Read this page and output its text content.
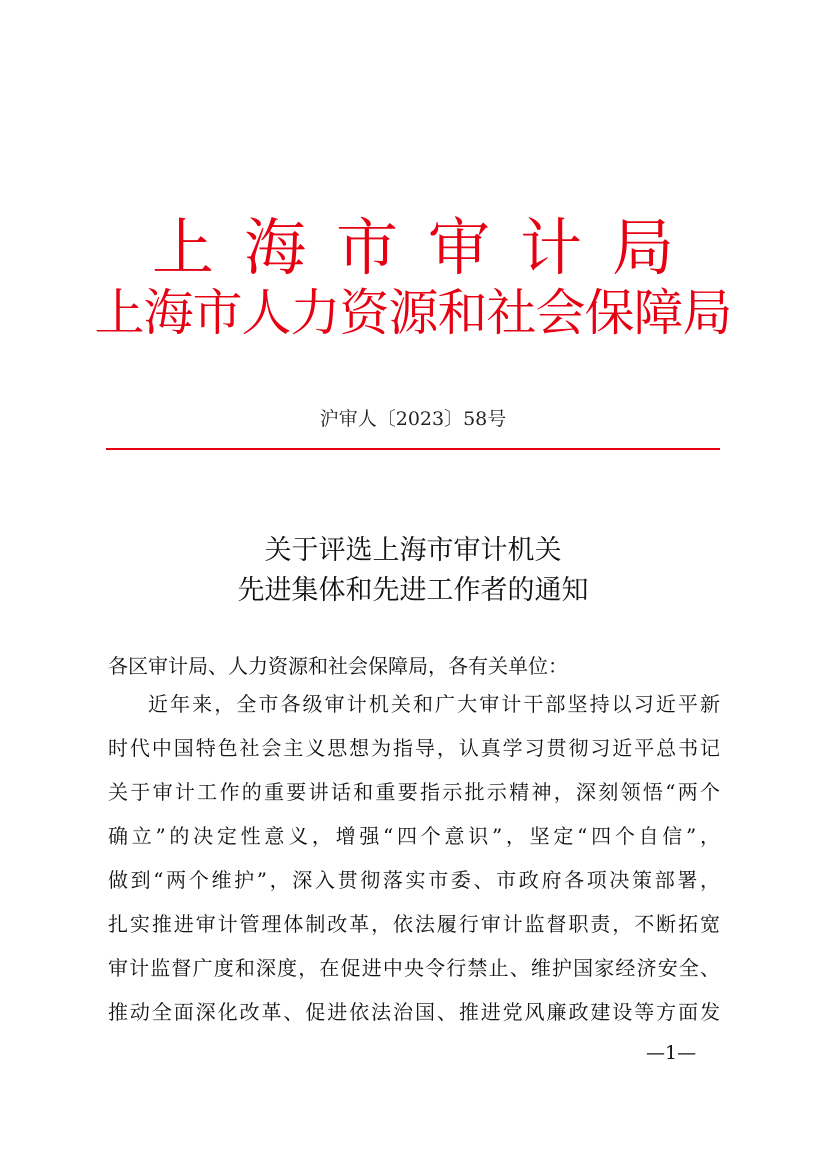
上海市审计局
上海市人力资源和社会保障局
沪审人〔2023〕58号
关于评选上海市审计机关
先进集体和先进工作者的通知
各区审计局、人力资源和社会保障局，各有关单位：
近年来，全市各级审计机关和广大审计干部坚持以习近平新
时代中国特色社会主义思想为指导，认真学习贯彻习近平总书记
关于审计工作的重要讲话和重要指示批示精神，深刻领悟“两个
确立”的决定性意义，增强“四个意识”，坚定“四个自信”，
做到“两个维护”，深入贯彻落实市委、市政府各项决策部署，
扎实推进审计管理体制改革，依法履行审计监督职责，不断拓宽
审计监督广度和深度，在促进中央令行禁止、维护国家经济安全、
推动全面深化改革、促进依法治国、推进党风廉政建设等方面发
—1—
